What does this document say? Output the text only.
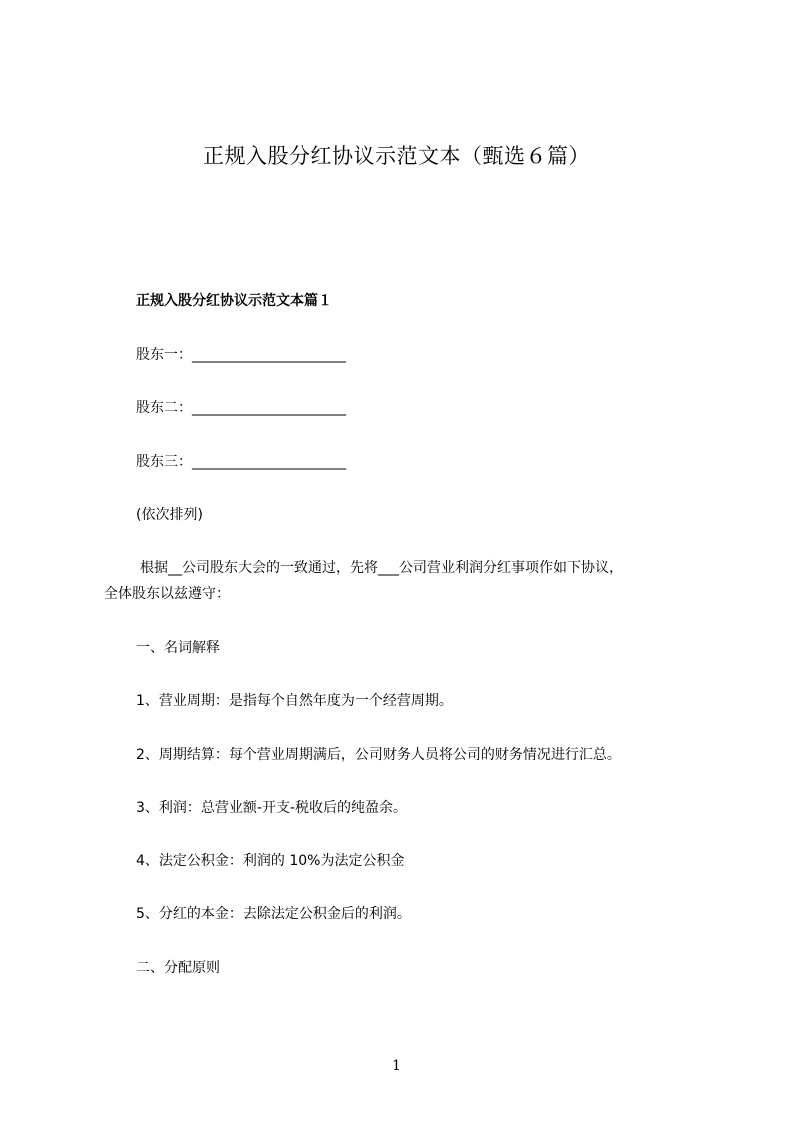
正规入股分红协议示范文本（甄选６篇）
正规入股分红协议示范文本篇１
股东一：______________________
股东二：______________________
股东三：______________________
(依次排列)
根据__公司股东大会的一致通过，先将___公司营业利润分红事项作如下协议，
全体股东以兹遵守：
一、名词解释
1、营业周期：是指每个自然年度为一个经营周期。
2、周期结算：每个营业周期满后，公司财务人员将公司的财务情况进行汇总。
3、利润：总营业额-开支-税收后的纯盈余。
4、法定公积金：利润的 10%为法定公积金
5、分红的本金：去除法定公积金后的利润。
二、分配原则
1
